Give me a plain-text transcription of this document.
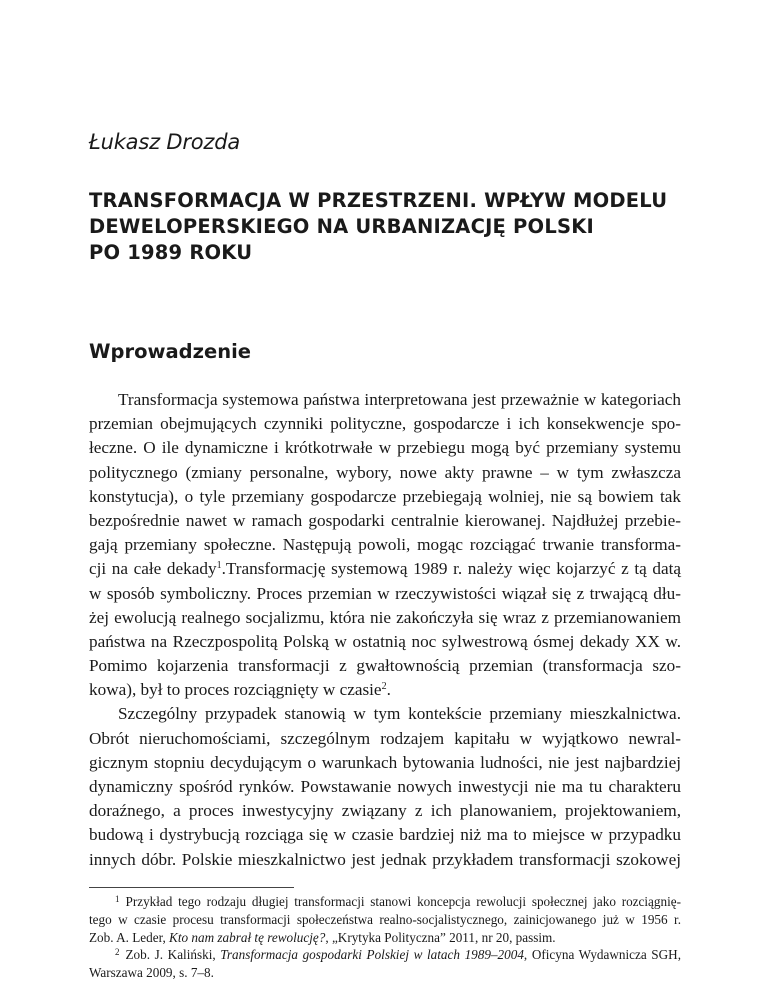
Łukasz Drozda

TRANSFORMACJA W PRZESTRZENI. WPŁYW MODELU
DEWELOPERSKIEGO NA URBANIZACJĘ POLSKI
PO 1989 ROKU
Wprowadzenie
Transformacja systemowa państwa interpretowana jest przeważnie w kategoriach
przemian obejmujących czynniki polityczne, gospodarcze i ich konsekwencje spo-
łeczne. O ile dynamiczne i krótkotrwałe w przebiegu mogą być przemiany systemu
politycznego (zmiany personalne, wybory, nowe akty prawne – w tym zwłaszcza
konstytucja), o tyle przemiany gospodarcze przebiegają wolniej, nie są bowiem tak
bezpośrednie nawet w ramach gospodarki centralnie kierowanej. Najdłużej przebie-
gają przemiany społeczne. Następują powoli, mogąc rozciągać trwanie transforma-
cji na całe dekady$^1$.Transformację systemową 1989 r. należy więc kojarzyć z tą datą
w sposób symboliczny. Proces przemian w rzeczywistości wiązał się z trwającą dłu-
żej ewolucją realnego socjalizmu, która nie zakończyła się wraz z przemianowaniem
państwa na Rzeczpospolitą Polską w ostatnią noc sylwestrową ósmej dekady XX w.
Pomimo kojarzenia transformacji z gwałtownością przemian (transformacja szo-
kowa), był to proces rozciągnięty w czasie$^2$.
Szczególny przypadek stanowią w tym kontekście przemiany mieszkalnictwa.
Obrót nieruchomościami, szczególnym rodzajem kapitału w wyjątkowo newral-
gicznym stopniu decydującym o warunkach bytowania ludności, nie jest najbardziej
dynamiczny spośród rynków. Powstawanie nowych inwestycji nie ma tu charakteru
doraźnego, a proces inwestycyjny związany z ich planowaniem, projektowaniem,
budową i dystrybucją rozciąga się w czasie bardziej niż ma to miejsce w przypadku
innych dóbr. Polskie mieszkalnictwo jest jednak przykładem transformacji szokowej
$^1$ Przykład tego rodzaju długiej transformacji stanowi koncepcja rewolucji społecznej jako rozciągnię-
tego w czasie procesu transformacji społeczeństwa realno-socjalistycznego, zainicjowanego już w 1956 r.
Zob. A. Leder, Kto nam zabrał tę rewolucję?, „Krytyka Polityczna” 2011, nr 20, passim.
$^2$ Zob. J. Kaliński, Transformacja gospodarki Polskiej w latach 1989–2004, Oficyna Wydawnicza SGH,
Warszawa 2009, s. 7–8.
